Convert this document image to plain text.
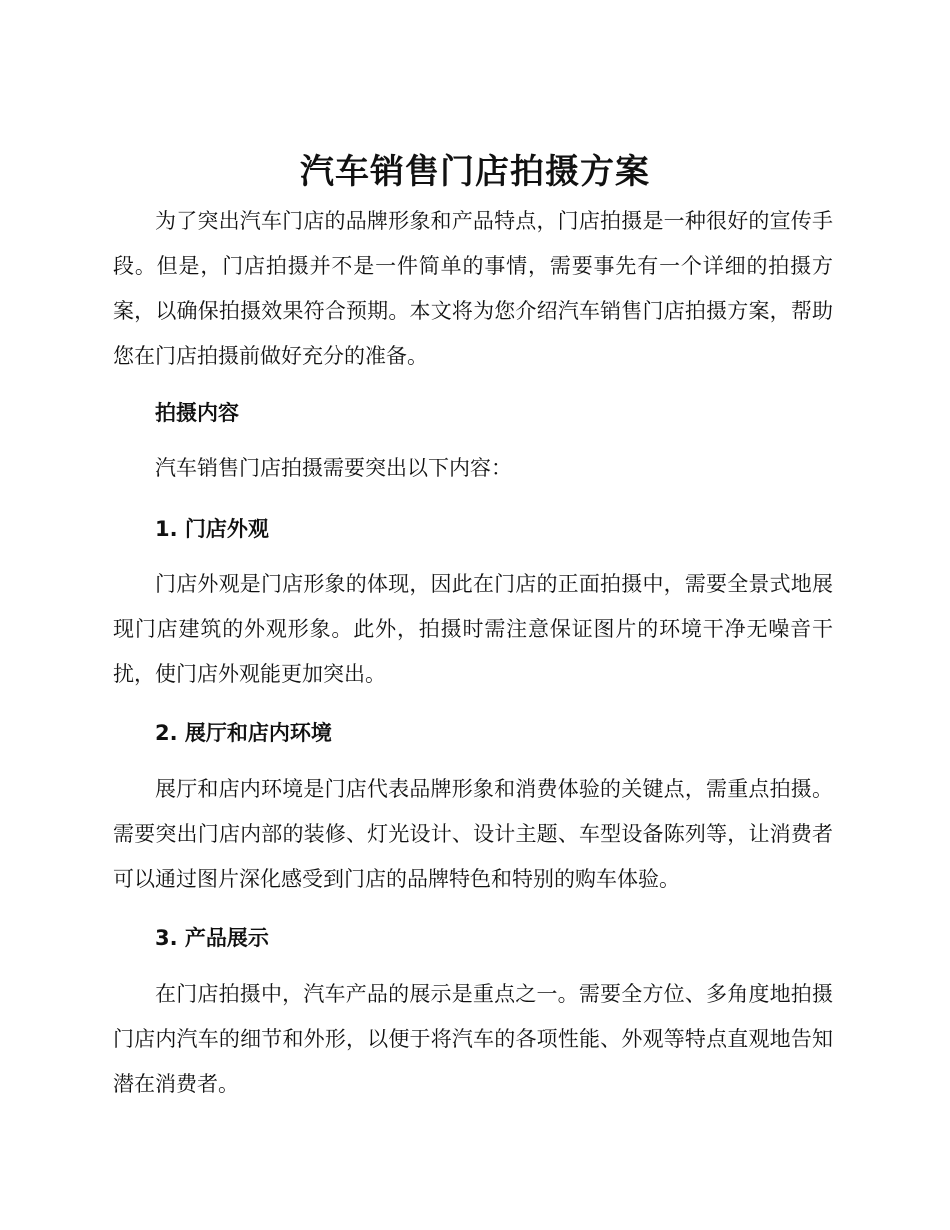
汽车销售门店拍摄方案

为了突出汽车门店的品牌形象和产品特点，门店拍摄是一种很好的宣传手段。但是，门店拍摄并不是一件简单的事情，需要事先有一个详细的拍摄方案，以确保拍摄效果符合预期。本文将为您介绍汽车销售门店拍摄方案，帮助您在门店拍摄前做好充分的准备。

拍摄内容

汽车销售门店拍摄需要突出以下内容：

1. 门店外观

门店外观是门店形象的体现，因此在门店的正面拍摄中，需要全景式地展现门店建筑的外观形象。此外，拍摄时需注意保证图片的环境干净无噪音干扰，使门店外观能更加突出。

2. 展厅和店内环境

展厅和店内环境是门店代表品牌形象和消费体验的关键点，需重点拍摄。需要突出门店内部的装修、灯光设计、设计主题、车型设备陈列等，让消费者可以通过图片深化感受到门店的品牌特色和特别的购车体验。

3. 产品展示

在门店拍摄中，汽车产品的展示是重点之一。需要全方位、多角度地拍摄门店内汽车的细节和外形，以便于将汽车的各项性能、外观等特点直观地告知潜在消费者。
